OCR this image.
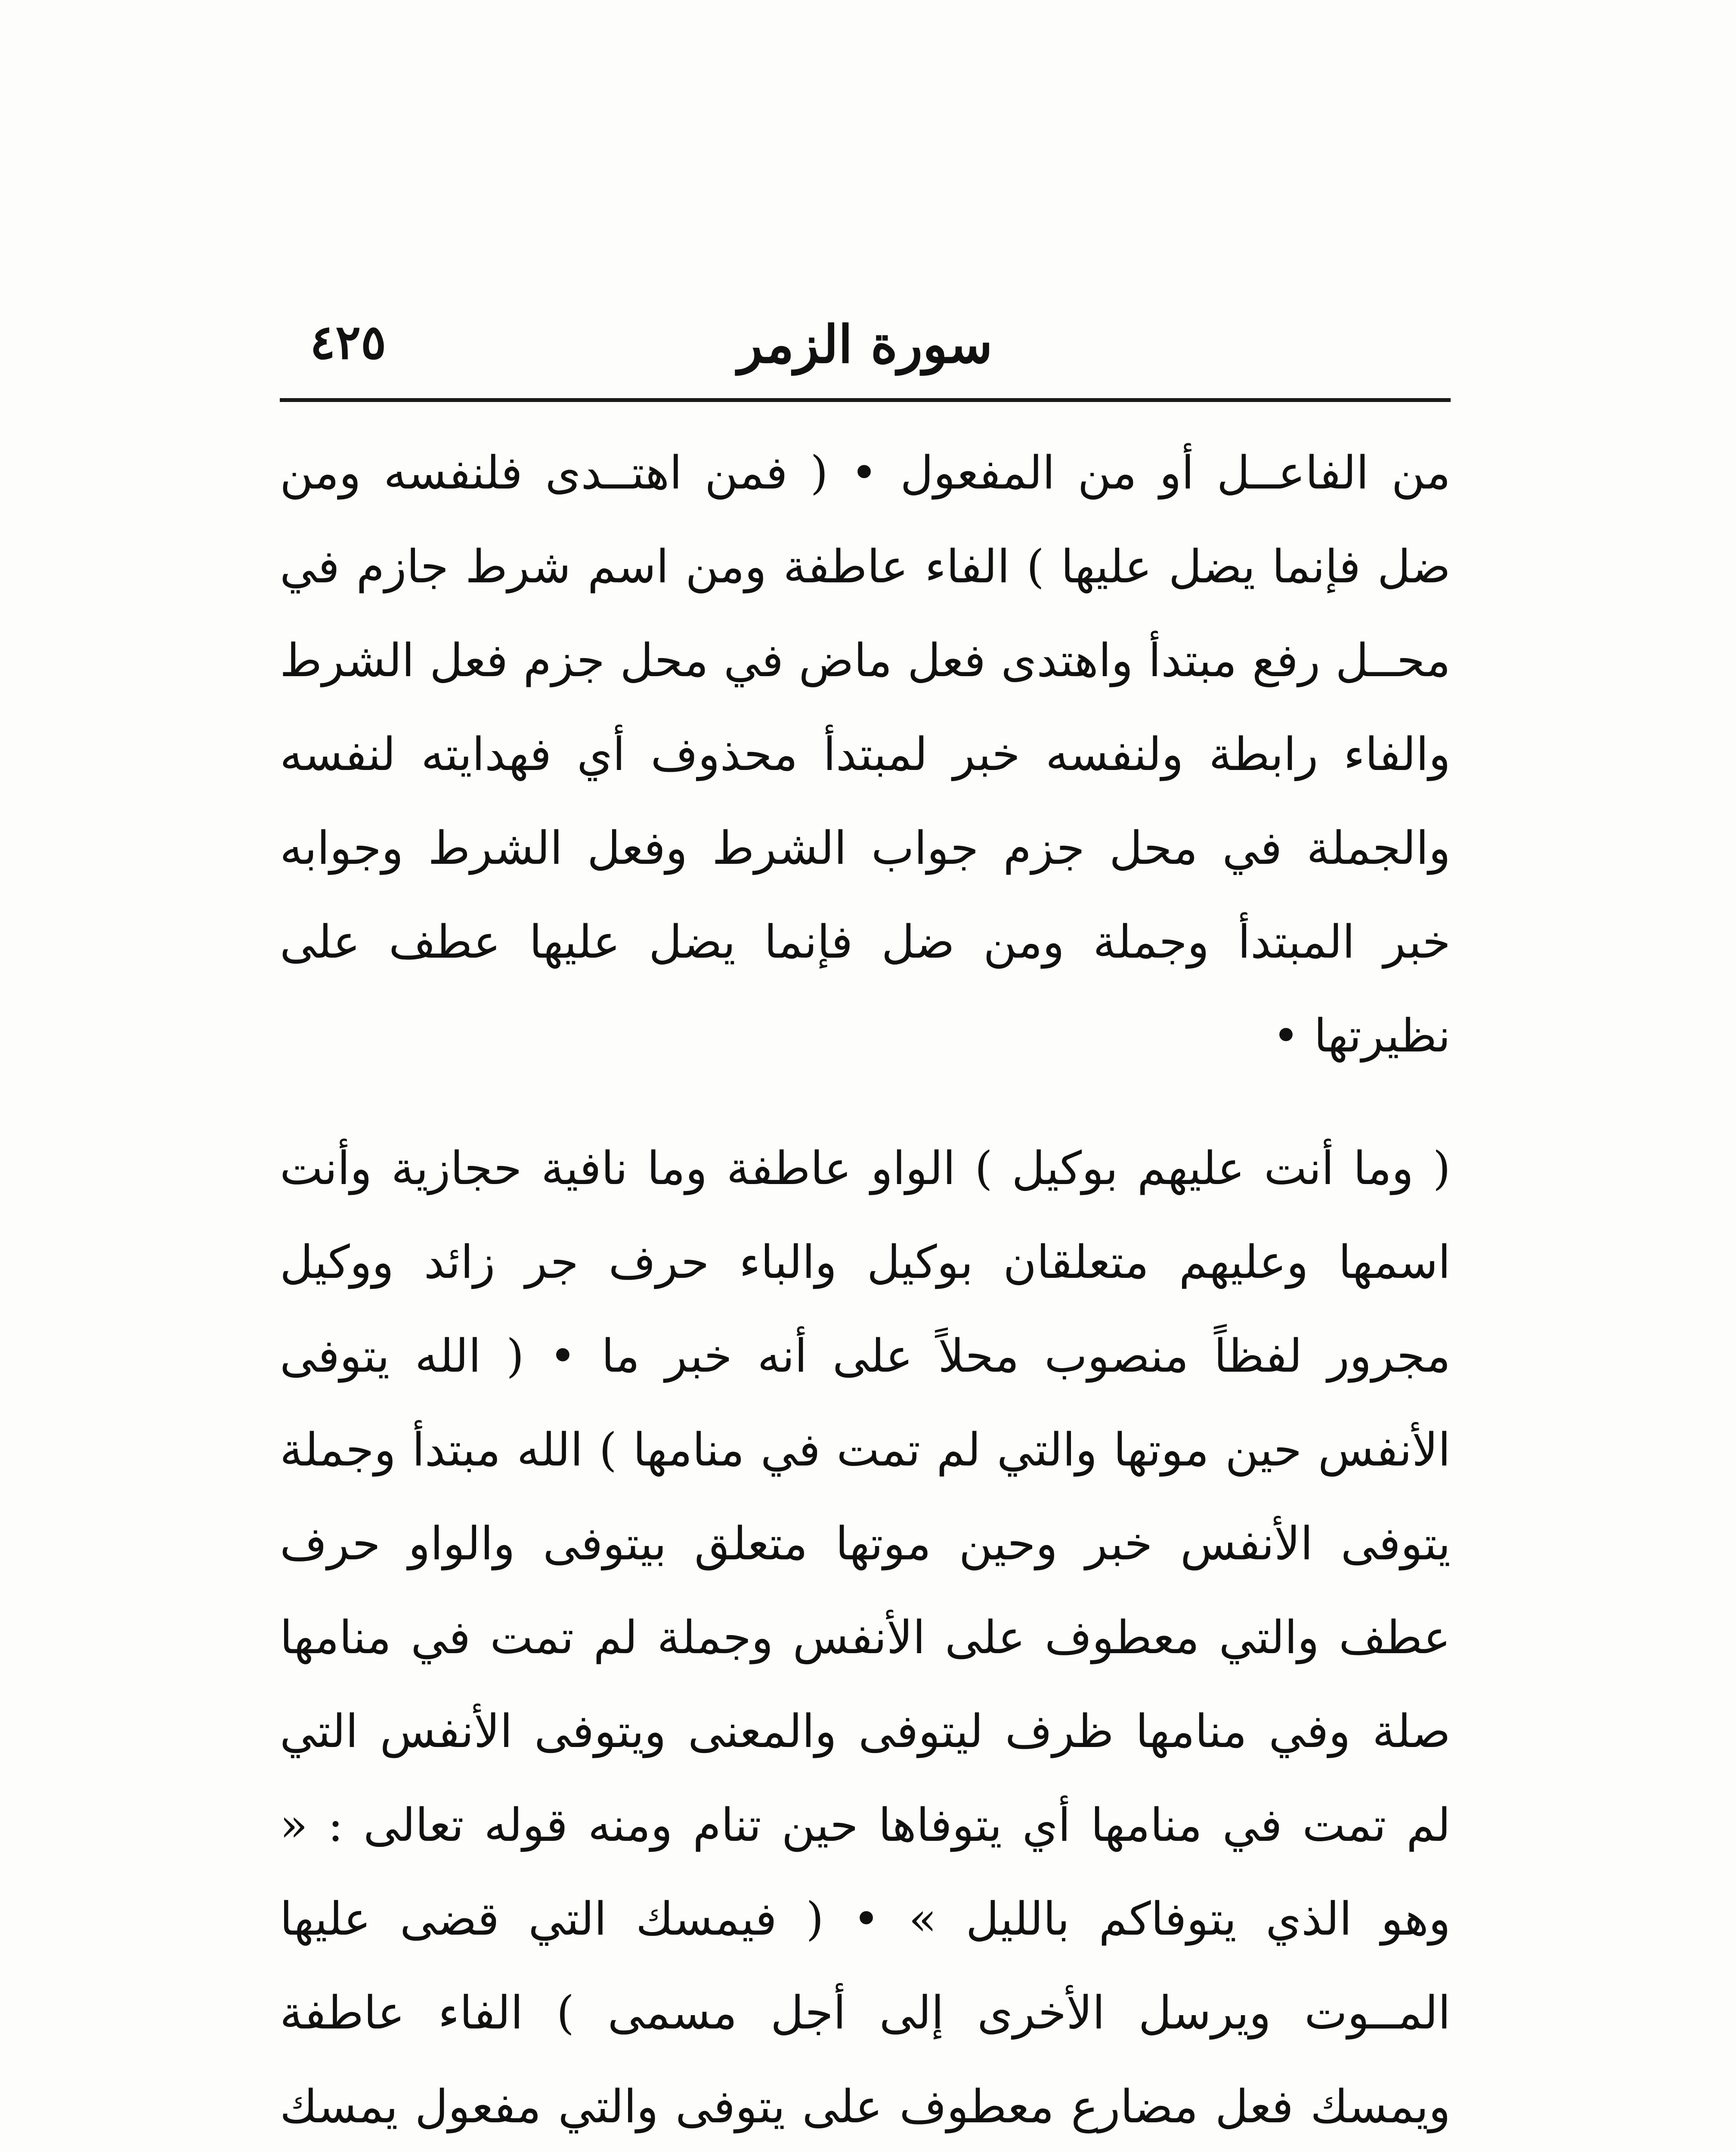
سورة الزمر
٤٢٥

من الفاعــل أو من المفعول • ( فمن اهتــدى فلنفسه ومن ضل فإنما يضل عليها ) الفاء عاطفة ومن اسم شرط جازم في محــل رفع مبتدأ واهتدى فعل ماض في محل جزم فعل الشرط والفاء رابطة ولنفسه خبر لمبتدأ محذوف أي فهدايته لنفسه والجملة في محل جزم جواب الشرط وفعل الشرط وجوابه خبر المبتدأ وجملة ومن ضل فإنما يضل عليها عطف على نظيرتها •

( وما أنت عليهم بوكيل ) الواو عاطفة وما نافية حجازية وأنت اسمها وعليهم متعلقان بوكيل والباء حرف جر زائد ووكيل مجرور لفظاً منصوب محلاً على أنه خبر ما • ( الله يتوفى الأنفس حين موتها والتي لم تمت في منامها ) الله مبتدأ وجملة يتوفى الأنفس خبر وحين موتها متعلق بيتوفى والواو حرف عطف والتي معطوف على الأنفس وجملة لم تمت في منامها صلة وفي منامها ظرف ليتوفى والمعنى ويتوفى الأنفس التي لم تمت في منامها أي يتوفاها حين تنام ومنه قوله تعالى : « وهو الذي يتوفاكم بالليل » • ( فيمسك التي قضى عليها المــوت ويرسل الأخرى إلى أجل مسمى ) الفاء عاطفة ويمسك فعل مضارع معطوف على يتوفى والتي مفعول يمسك
